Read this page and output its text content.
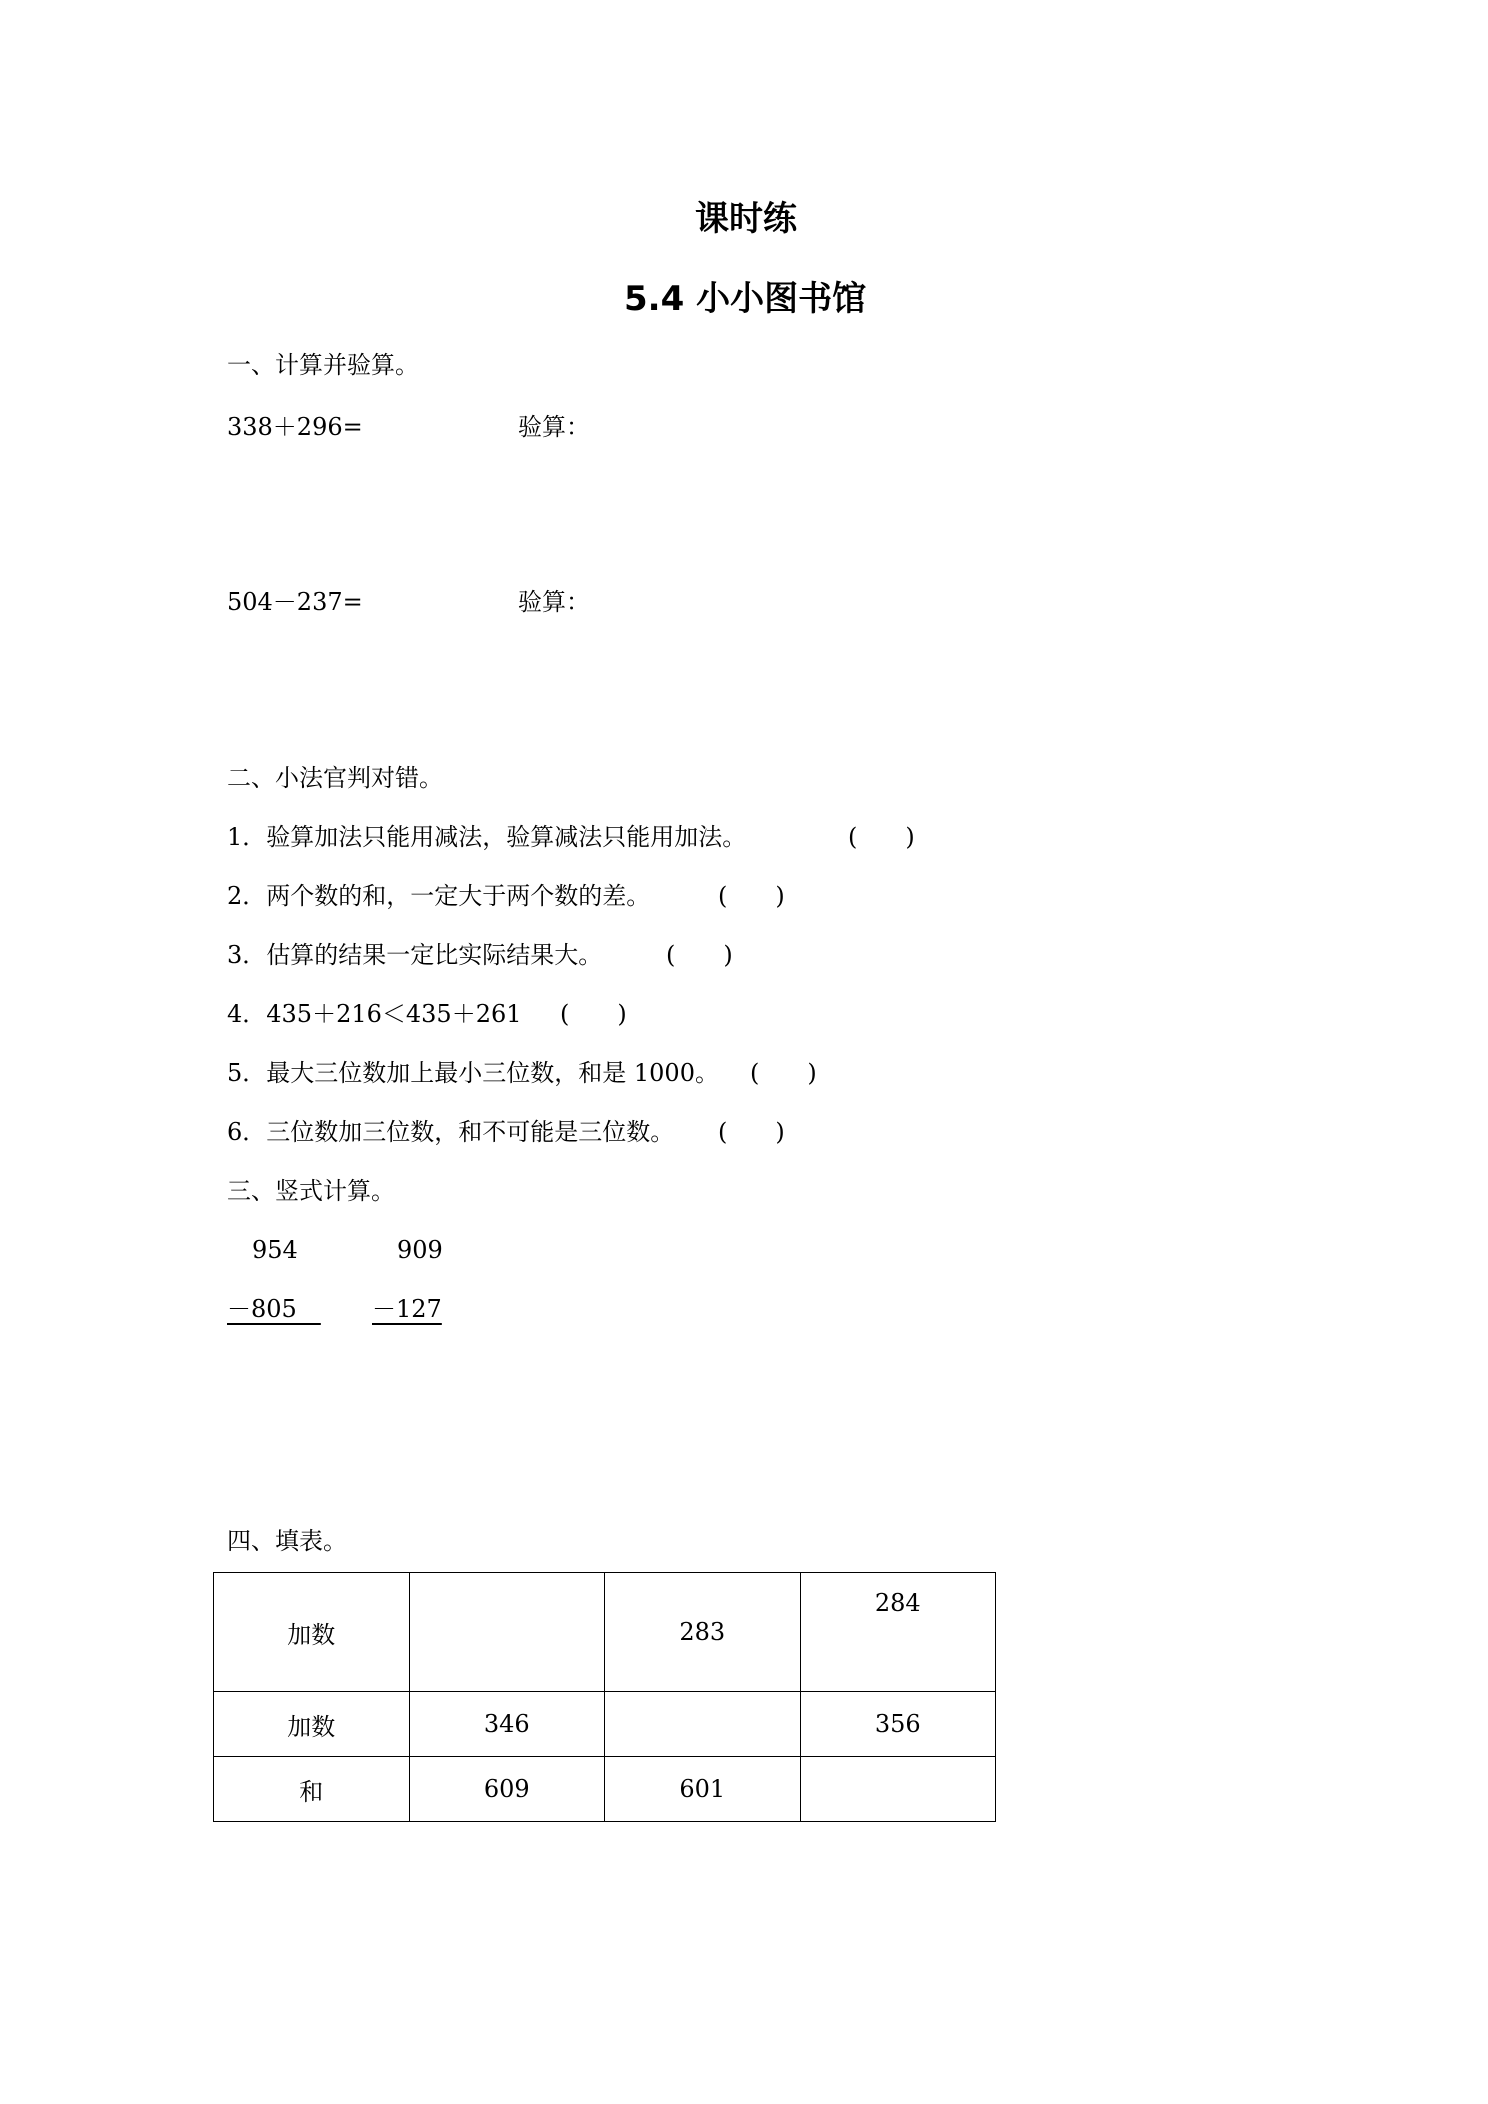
课时练
5.4 小小图书馆
一、计算并验算。
338＋296=	验算：
504－237=	验算：
二、小法官判对错。
1．验算加法只能用减法，验算减法只能用加法。	(　　)
2．两个数的和，一定大于两个数的差。	(　　)
3．估算的结果一定比实际结果大。	(　　)
4．435＋216＜435＋261 (　　)
5．最大三位数加上最小三位数，和是 1000。 (　　)
6．三位数加三位数，和不可能是三位数。 (　　)
三、竖式计算。
954
－805　
909
－127
四、填表。
加数		283	284

加数	346		356
和	609	601	
